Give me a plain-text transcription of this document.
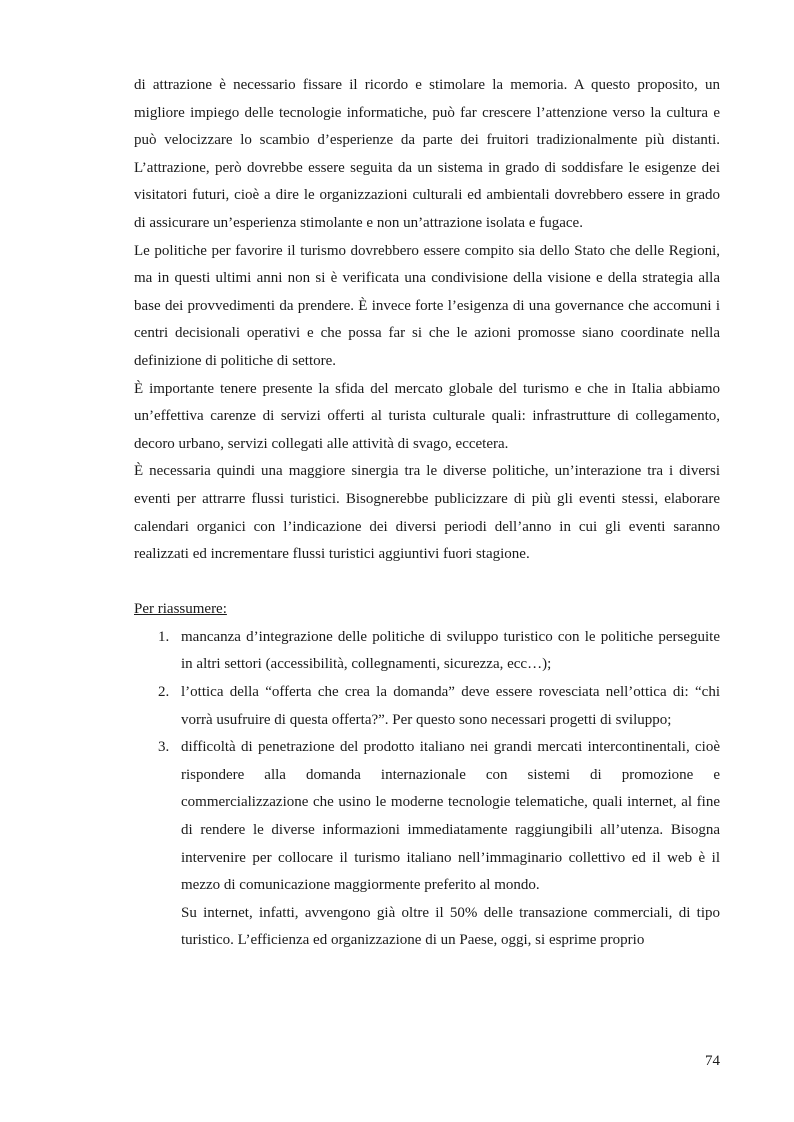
di attrazione è necessario fissare il ricordo e stimolare la memoria. A questo proposito, un migliore impiego delle tecnologie informatiche, può far crescere l’attenzione verso la cultura e può velocizzare lo scambio d’esperienze da parte dei fruitori tradizionalmente più distanti. L’attrazione, però dovrebbe essere seguita da un sistema in grado di soddisfare le esigenze dei visitatori futuri, cioè a dire le organizzazioni culturali ed ambientali dovrebbero essere in grado di assicurare un’esperienza stimolante e non un’attrazione isolata e fugace.

Le politiche per favorire il turismo dovrebbero essere compito sia dello Stato che delle Regioni, ma in questi ultimi anni non si è verificata una condivisione della visione e della strategia alla base dei provvedimenti da prendere. È invece forte l’esigenza di una governance che accomuni i centri decisionali operativi e che possa far si che le azioni promosse siano coordinate nella definizione di politiche di settore.

È importante tenere presente la sfida del mercato globale del turismo e che in Italia abbiamo un’effettiva carenze di servizi offerti al turista culturale quali: infrastrutture di collegamento, decoro urbano, servizi collegati alle attività di svago, eccetera.

È necessaria quindi una maggiore sinergia tra le diverse politiche, un’interazione tra i diversi eventi per attrarre flussi turistici. Bisognerebbe publicizzare di più gli eventi stessi, elaborare calendari organici con l’indicazione dei diversi periodi dell’anno in cui gli eventi saranno realizzati ed incrementare flussi turistici aggiuntivi fuori stagione.

Per riassumere:

1. mancanza d’integrazione delle politiche di sviluppo turistico con le politiche perseguite in altri settori (accessibilità, collegnamenti, sicurezza, ecc…);
2. l’ottica della “offerta che crea la domanda” deve essere rovesciata nell’ottica di: “chi vorrà usufruire di questa offerta?”. Per questo sono necessari progetti di sviluppo;
3. difficoltà di penetrazione del prodotto italiano nei grandi mercati intercontinentali, cioè rispondere alla domanda internazionale con sistemi di promozione e commercializzazione che usino le moderne tecnologie telematiche, quali internet, al fine di rendere le diverse informazioni immediatamente raggiungibili all’utenza. Bisogna intervenire per collocare il turismo italiano nell’immaginario collettivo ed il web è il mezzo di comunicazione maggiormente preferito al mondo.

Su internet, infatti, avvengono già oltre il 50% delle transazione commerciali, di tipo turistico. L’efficienza ed organizzazione di un Paese, oggi, si esprime proprio

74
